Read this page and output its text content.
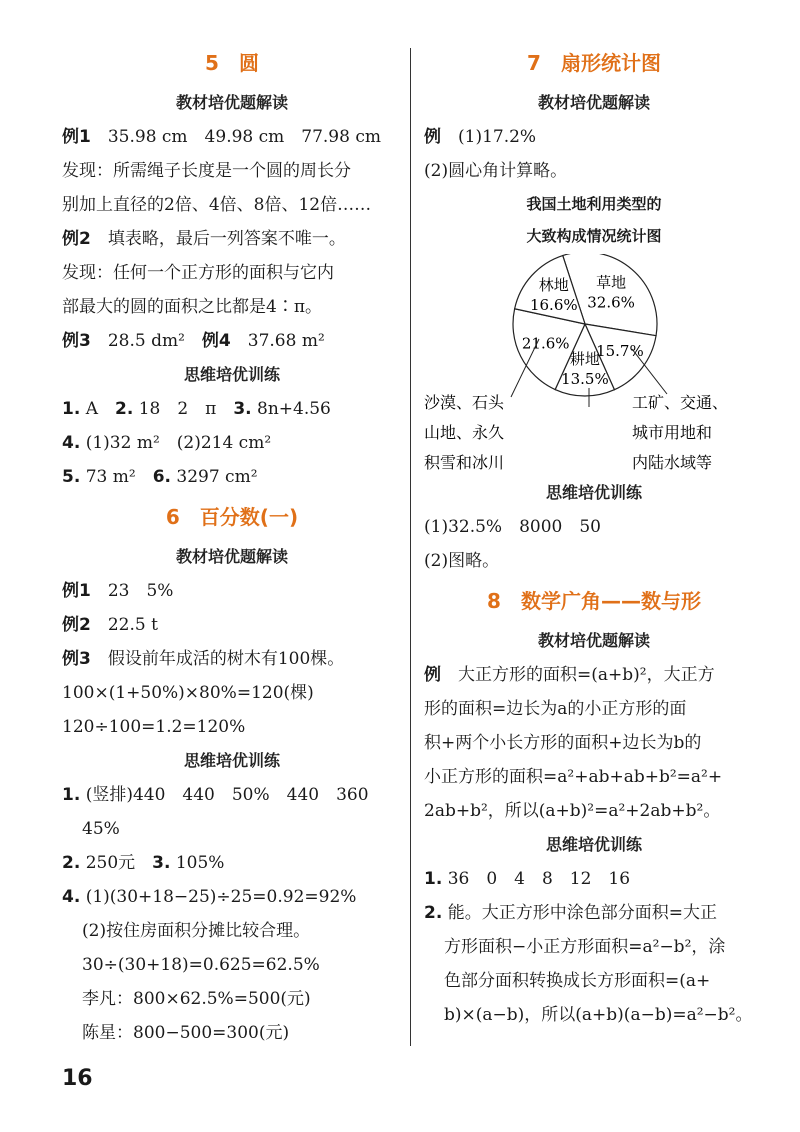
5　圆
教材培优题解读
例1　 35.98 cm　49.98 cm　77.98 cm
发现：所需绳子长度是一个圆的周长分
别加上直径的2倍、4倍、8倍、12倍……
例2　 填表略，最后一列答案不唯一。
发现：任何一个正方形的面积与它内
部最大的圆的面积之比都是4∶π。
例3　 28.5 dm²　 例4　 37.68 m²
思维培优训练
1. A　 2. 18　2　π　 3. 8n+4.56
4. (1)32 m²　(2)214 cm²
5. 73 m²　 6. 3297 cm²
6　百分数(一)
教材培优题解读
例1　 23　5%
例2　 22.5 t
例3　 假设前年成活的树木有100棵。
100×(1+50%)×80%=120(棵)
120÷100=1.2=120%
思维培优训练
1. (竖排)440　440　50%　440　360
45%
2. 250元　 3. 105%
4. (1)(30+18−25)÷25=0.92=92%
(2)按住房面积分摊比较合理。
30÷(30+18)=0.625=62.5%
李凡：800×62.5%=500(元)
陈星：800−500=300(元)
7　扇形统计图
教材培优题解读
例　 (1)17.2%
(2)圆心角计算略。
我国土地利用类型的
大致构成情况统计图
草地
32.6%
15.7%
耕地
13.5%
21.6%
林地
16.6%
沙漠、石头
山地、永久
积雪和冰川
工矿、交通、
城市用地和
内陆水域等
思维培优训练
(1)32.5%　8000　50
(2)图略。
8　数学广角——数与形
教材培优题解读
例　 大正方形的面积=(a+b)²，大正方
形的面积=边长为a的小正方形的面
积+两个小长方形的面积+边长为b的
小正方形的面积=a²+ab+ab+b²=a²+
2ab+b²，所以(a+b)²=a²+2ab+b²。
思维培优训练
1. 36　0　4　8　12　16
2. 能。大正方形中涂色部分面积=大正
方形面积−小正方形面积=a²−b²，涂
色部分面积转换成长方形面积=(a+
b)×(a−b)，所以(a+b)(a−b)=a²−b²。
16
